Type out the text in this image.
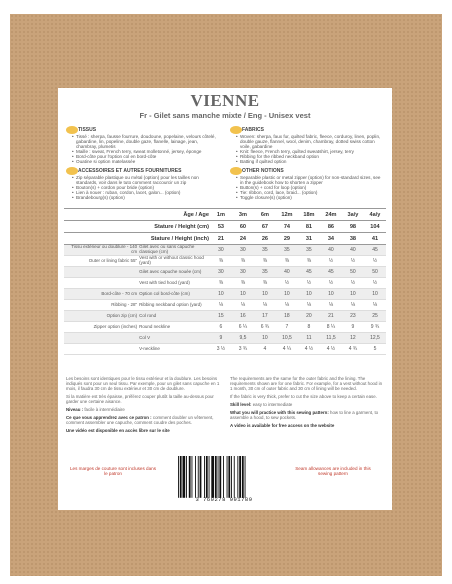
VIENNE
Fr - Gilet sans manche mixte / Eng - Unisex vest
TISSUS
• Tissé : sherpa, fausse fourrure, doudoune, popelaine, velours côtelé, gabardine, lin, popeline, double gaze, flanelle, lainage, jean, chambray, plumetis
• Maille : sweat, French terry, sweat molletonné, jersey, éponge
• Bord-côte pour l'option col en bord-côte
• Ouatine si option matelassée
ACCESSOIRES ET AUTRES FOURNITURES
• Zip séparable plastique ou métal (option) pour les tailles non standards, voir dans le tuto comment raccourcir un zip
• Bouton(s) + cordon pour bride (option)
• Lien à nouer : ruban, cordon, lacet, galon... (option)
• Brandebourg(s) (option)
FABRICS
• Woven: sherpa, faux fur, quilted fabric, fleece, corduroy, linen, poplin, double gauze, flannel, wool, denim, chambray, dotted swiss cotton voile, gabardine
• Knit: fleece, French terry, quilted sweatshirt, jersey, terry
• Ribbing for the ribbed neckband option
• Batting if quilted option
OTHER NOTIONS
• Separable plastic or metal zipper (option) for non-standard sizes, see in the guidebook how to shorten a zipper
• Button(s) + cord for loop (option)
• Tie: ribbon, cord, lace, braid... (option)
• Toggle closure(s) (option)
Âge / Age		1m	3m	6m	12m	18m	24m	3a/y	4a/y
Stature / Height (cm)		53	60	67	74	81	86	98	104
Stature / Height (inch)		21	24	26	29	31	34	38	41
Tissu extérieur ou doublure - 140 cm	Gilet avec ou sans capuche classique (cm)	30	30	35	35	35	40	40	45
Outer or lining fabric 55"	Vest with or without classic hood (yard)	⅜	⅜	⅜	⅜	⅜	½	½	½
	Gilet avec capuche nouée (cm)	30	30	35	40	45	45	50	50
	Vest with tied hood (yard)	⅜	⅜	⅜	½	½	½	½	½
Bord-côte - 70 cm	Option col bord-côte (cm)	10	10	10	10	10	10	10	10
Ribbing - 28"	Ribbing neckband option (yard)	⅛	⅛	⅛	⅛	⅛	⅛	⅛	⅛
Option zip (cm)	Col rond	15	16	17	18	20	21	23	25
Zipper option (inches)	Round neckline	6	6 ¼	6 ¾	7	8	8 ¼	9	9 ¾
	Col V	9	9,5	10	10,5	11	11,5	12	12,5
	V-neckline	3 ½	3 ¾	4	4 ¼	4 ½	4 ½	4 ¾	5

Les besoins sont identiques pour le tissu extérieur et la doublure. Les besoins indiqués sont pour un seul tissu. Par exemple, pour un gilet sans capuche en 1 mois, il faudra 30 cm de tissu extérieur et 30 cm de doublure.

Si la matière est très épaisse, préférez couper plutôt la taille au-dessus pour garder une certaine aisance.

Niveau : facile à intermédiaire

Ce que vous apprendrez avec ce patron : comment doubler un vêtement, comment assembler une capuche, comment coudre des poches.

Une vidéo est disponible en accès libre sur le site

The requirements are the same for the outer fabric and the lining. The requirements shown are for one fabric. For example, for a vest without hood in 1 month, 30 cm of outer fabric and 30 cm of lining will be needed.

If the fabric is very thick, prefer to cut the size above to keep a certain ease.

Skill level: easy to intermediate

What you will practice with this sewing pattern: how to line a garment, to assemble a hood, to sew pockets.

A video is available for free access on the website

Les marges de couture sont incluses dans le patron
Seam allowances are included in this sewing pattern
3 760278 991789
